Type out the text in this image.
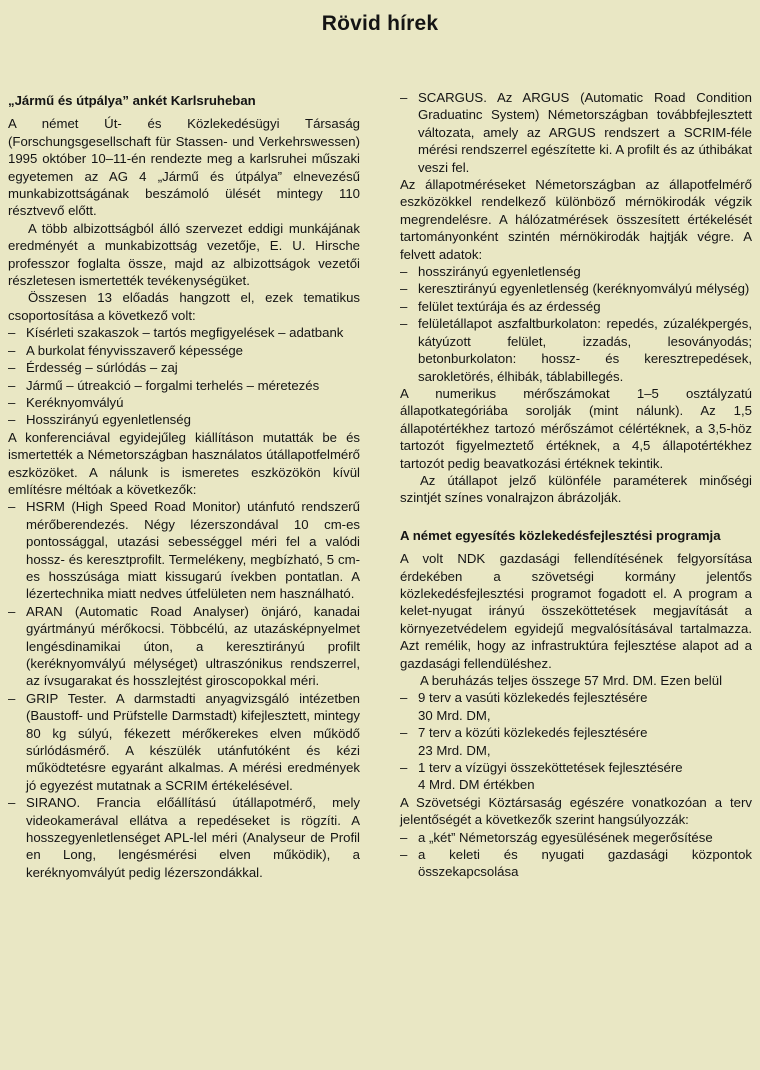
Rövid hírek

„Jármű és útpálya” ankét Karlsruheban

A német Út- és Közlekedésügyi Társaság (Forschungsgesellschaft für Stassen- und Verkehrswessen) 1995 október 10–11-én rendezte meg a karlsruhei műszaki egyetemen az AG 4 „Jármű és útpálya” elnevezésű munkabizottságának beszámoló ülését mintegy 110 résztvevő előtt.

A több albizottságból álló szervezet eddigi munkájának eredményét a munkabizottság vezetője, E. U. Hirsche professzor foglalta össze, majd az albizottságok vezetői részletesen ismertették tevékenységüket.

Összesen 13 előadás hangzott el, ezek tematikus csoportosítása a következő volt:

– Kísérleti szakaszok – tartós megfigyelések – adatbank
– A burkolat fényvisszaverő képessége
– Érdesség – súrlódás – zaj
– Jármű – útreakció – forgalmi terhelés – méretezés
– Keréknyomvályú
– Hosszirányú egyenletlenség

A konferenciával egyidejűleg kiállításon mutatták be és ismertették a Németországban használatos útállapotfelmérő eszközöket. A nálunk is ismeretes eszközökön kívül említésre méltóak a következők:

– HSRM (High Speed Road Monitor) utánfutó rendszerű mérőberendezés. Négy lézerszondával 10 cm-es pontossággal, utazási sebességgel méri fel a valódi hossz- és keresztprofilt. Termelékeny, megbízható, 5 cm-es hosszúsága miatt kissugarú ívekben pontatlan. A lézertechnika miatt nedves útfelületen nem használható.
– ARAN (Automatic Road Analyser) önjáró, kanadai gyártmányú mérőkocsi. Többcélú, az utazásképnyelmet lengésdinamikai úton, a keresztirányú profilt (keréknyomvályú mélységet) ultraszónikus rendszerrel, az ívsugarakat és hosszlejtést giroscopokkal méri.
– GRIP Tester. A darmstadti anyagvizsgáló intézetben (Baustoff- und Prüfstelle Darmstadt) kifejlesztett, mintegy 80 kg súlyú, fékezett mérőkerekes elven működő súrlódásmérő. A készülék utánfutóként és kézi működtetésre egyaránt alkalmas. A mérési eredmények jó egyezést mutatnak a SCRIM értékelésével.
– SIRANO. Francia előállítású útállapotmérő, mely videokamerával ellátva a repedéseket is rögzíti. A hosszegyenletlenséget APL-lel méri (Analyseur de Profil en Long, lengésmérési elven működik), a keréknyomvályút pedig lézerszondákkal.
– SCARGUS. Az ARGUS (Automatic Road Condition Graduatinc System) Németországban továbbfejlesztett változata, amely az ARGUS rendszert a SCRIM-féle mérési rendszerrel egészítette ki. A profilt és az úthibákat veszi fel.

Az állapotméréseket Németországban az állapotfelmérő eszközökkel rendelkező különböző mérnökirodák végzik megrendelésre. A hálózatmérések összesített értékelését tartományonként szintén mérnökirodák hajtják végre. A felvett adatok:

– hosszirányú egyenletlenség
– keresztirányú egyenletlenség (keréknyomvályú mélység)
– felület textúrája és az érdesség
– felületállapot aszfaltburkolaton: repedés, zúzalékpergés, kátyúzott felület, izzadás, lesoványodás; betonburkolaton: hossz- és keresztrepedések, sarokletörés, élhibák, táblabillegés.

A numerikus mérőszámokat 1–5 osztályzatú állapotkategóriába sorolják (mint nálunk). Az 1,5 állapotértékhez tartozó mérőszámot célértéknek, a 3,5-höz tartozót figyelmeztető értéknek, a 4,5 állapotértékhez tartozót pedig beavatkozási értéknek tekintik.

Az útállapot jelző különféle paraméterek minőségi szintjét színes vonalrajzon ábrázolják.

A német egyesítés közlekedésfejlesztési programja

A volt NDK gazdasági fellendítésének felgyorsítása érdekében a szövetségi kormány jelentős közlekedésfejlesztési programot fogadott el. A program a kelet-nyugat irányú összeköttetések megjavítását a környezetvédelem egyidejű megvalósításával tartalmazza. Azt remélik, hogy az infrastruktúra fejlesztése alapot ad a gazdasági fellendüléshez.

A beruházás teljes összege 57 Mrd. DM. Ezen belül

– 9 terv a vasúti közlekedés fejlesztésére
30 Mrd. DM,
– 7 terv a közúti közlekedés fejlesztésére
23 Mrd. DM,
– 1 terv a vízügyi összeköttetések fejlesztésére
4 Mrd. DM értékben

A Szövetségi Köztársaság egészére vonatkozóan a terv jelentőségét a következők szerint hangsúlyozzák:

– a „két” Németország egyesülésének megerősítése
– a keleti és nyugati gazdasági központok összekapcsolása
